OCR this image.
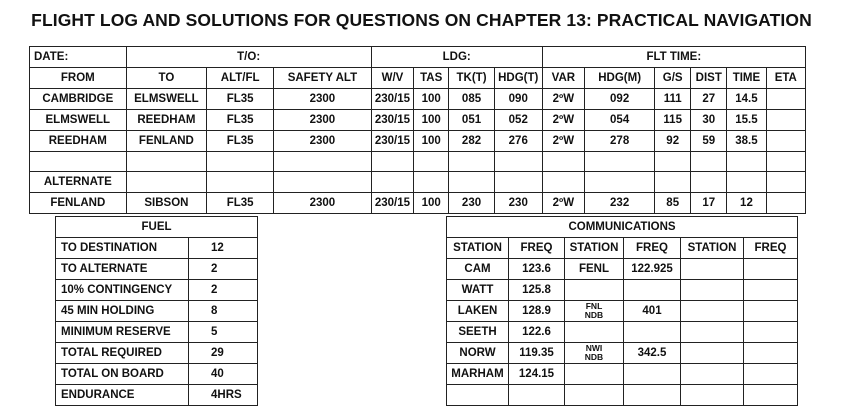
FLIGHT LOG AND SOLUTIONS FOR QUESTIONS ON CHAPTER 13: PRACTICAL NAVIGATION
DATE:	T/O:			LDG:				FLT TIME:					
FROM	TO	ALT/FL	SAFETY ALT	W/V	TAS	TK(T)	HDG(T)	VAR	HDG(M)	G/S	DIST	TIME	ETA
CAMBRIDGE	ELMSWELL	FL35	2300	230/15	100	085	090	2ºW	092	111	27	14.5	
ELMSWELL	REEDHAM	FL35	2300	230/15	100	051	052	2ºW	054	115	30	15.5	
REEDHAM	FENLAND	FL35	2300	230/15	100	282	276	2ºW	278	92	59	38.5	

ALTERNATE													
FENLAND	SIBSON	FL35	2300	230/15	100	230	230	2ºW	232	85	17	12	
FUEL	
TO DESTINATION	12
TO ALTERNATE	2
10% CONTINGENCY	2
45 MIN HOLDING	8
MINIMUM RESERVE	5
TOTAL REQUIRED	29
TOTAL ON BOARD	40
ENDURANCE	4HRS
COMMUNICATIONS					
STATION	FREQ	STATION	FREQ	STATION	FREQ
CAM	123.6	FENL	122.925		
WATT	125.8				
LAKEN	128.9	FNL NDB	401		
SEETH	122.6				
NORW	119.35	NWI NDB	342.5		
MARHAM	124.15				
